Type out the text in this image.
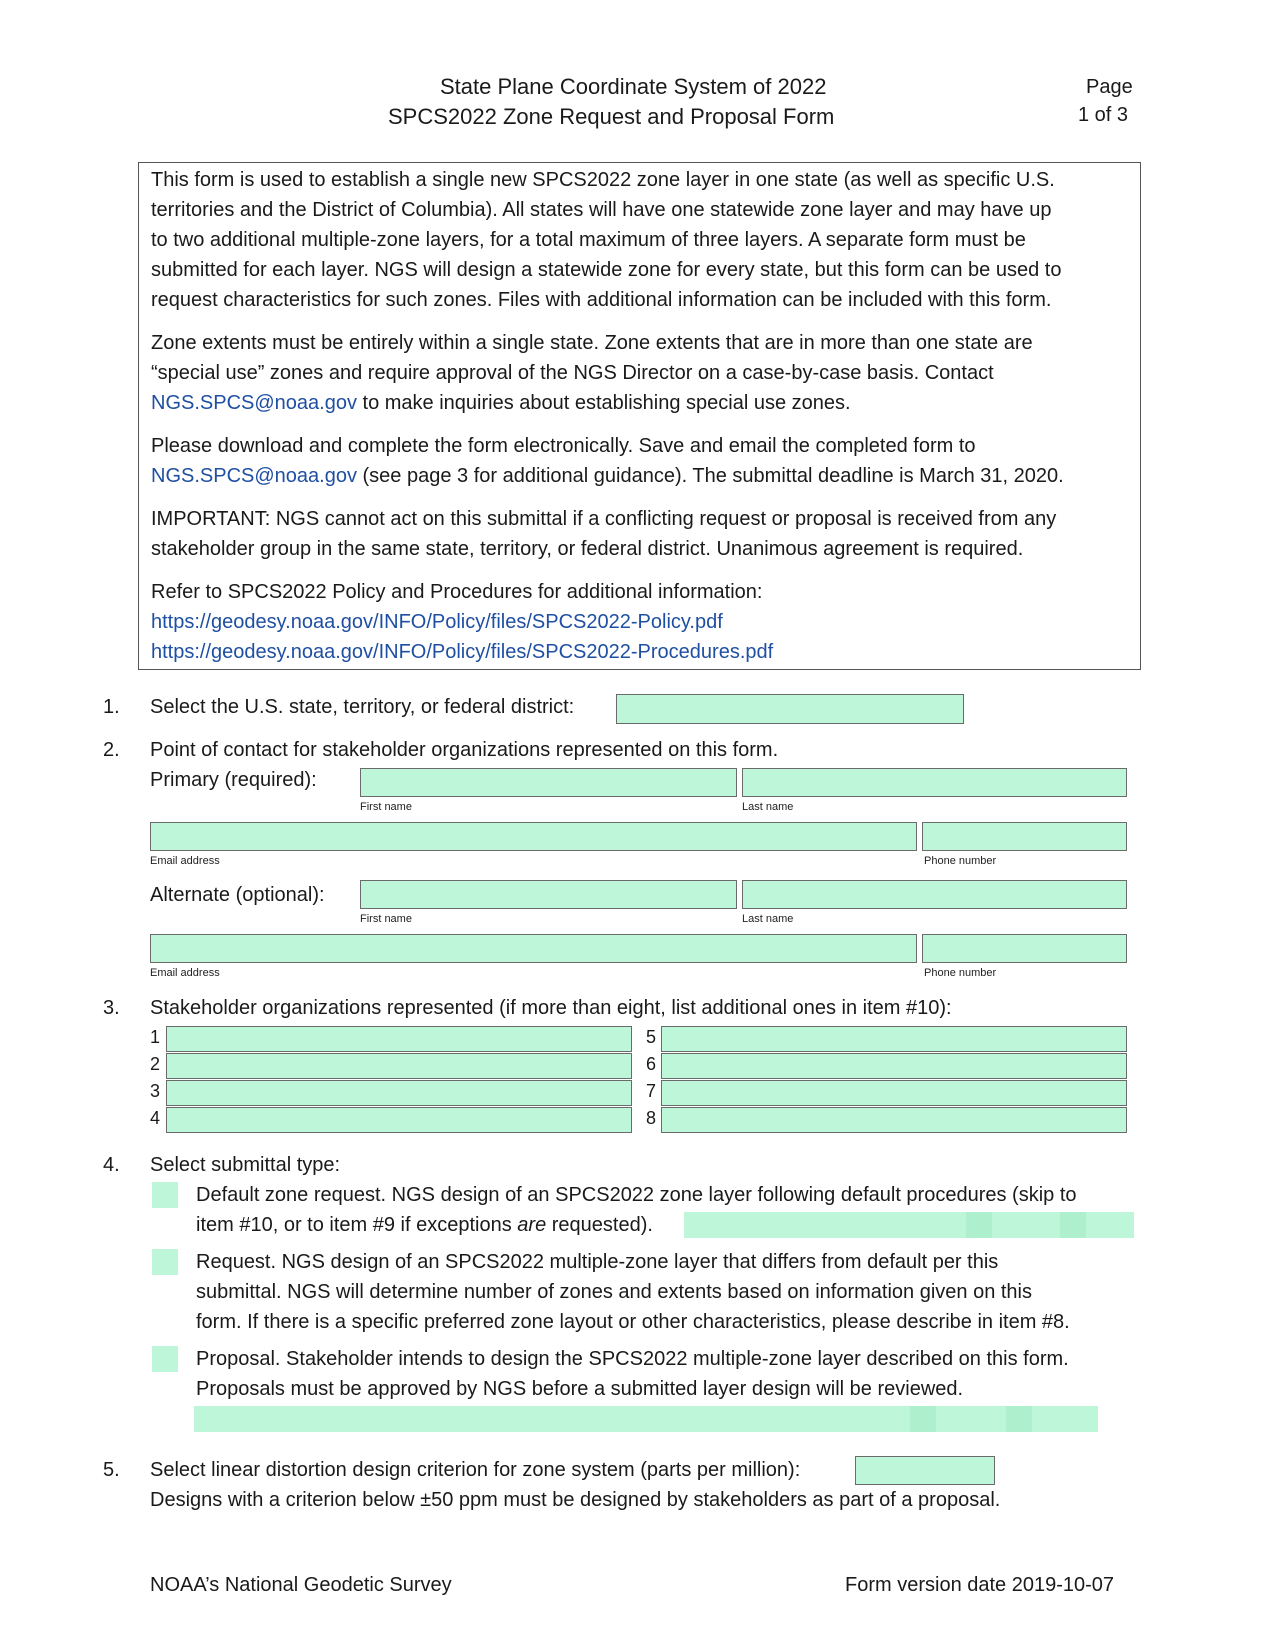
State Plane Coordinate System of 2022
SPCS2022 Zone Request and Proposal Form
Page
1 of 3

This form is used to establish a single new SPCS2022 zone layer in one state (as well as specific U.S.

territories and the District of Columbia). All states will have one statewide zone layer and may have up

to two additional multiple-zone layers, for a total maximum of three layers. A separate form must be

submitted for each layer. NGS will design a statewide zone for every state, but this form can be used to

request characteristics for such zones. Files with additional information can be included with this form.

Zone extents must be entirely within a single state. Zone extents that are in more than one state are

“special use” zones and require approval of the NGS Director on a case-by-case basis. Contact

NGS.SPCS@noaa.gov to make inquiries about establishing special use zones.

Please download and complete the form electronically. Save and email the completed form to

NGS.SPCS@noaa.gov (see page 3 for additional guidance). The submittal deadline is March 31, 2020.

IMPORTANT: NGS cannot act on this submittal if a conflicting request or proposal is received from any

stakeholder group in the same state, territory, or federal district. Unanimous agreement is required.

Refer to SPCS2022 Policy and Procedures for additional information:

https://geodesy.noaa.gov/INFO/Policy/files/SPCS2022-Policy.pdf

https://geodesy.noaa.gov/INFO/Policy/files/SPCS2022-Procedures.pdf

1. Select the U.S. state, territory, or federal district:
2. Point of contact for stakeholder organizations represented on this form.
Primary (required):
First name	Last name
Email address	Phone number
Alternate (optional):
First name	Last name
Email address	Phone number
3. Stakeholder organizations represented (if more than eight, list additional ones in item #10):
1
2
3
4
5
6
7
8
4. Select submittal type:
Default zone request. NGS design of an SPCS2022 zone layer following default procedures (skip to
item #10, or to item #9 if exceptions are requested).
Request. NGS design of an SPCS2022 multiple-zone layer that differs from default per this
submittal. NGS will determine number of zones and extents based on information given on this
form. If there is a specific preferred zone layout or other characteristics, please describe in item #8.
Proposal. Stakeholder intends to design the SPCS2022 multiple-zone layer described on this form.
Proposals must be approved by NGS before a submitted layer design will be reviewed.
5. Select linear distortion design criterion for zone system (parts per million):
Designs with a criterion below ±50 ppm must be designed by stakeholders as part of a proposal.
NOAA’s National Geodetic Survey	Form version date 2019-10-07
